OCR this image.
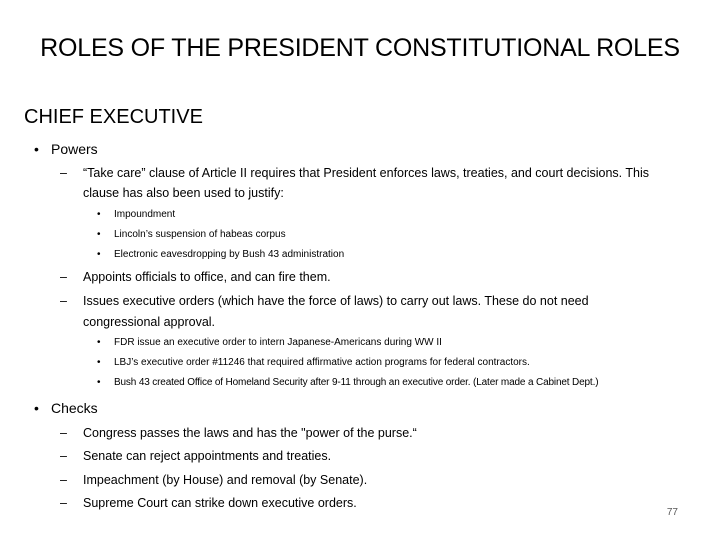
ROLES OF THE PRESIDENT CONSTITUTIONAL ROLES
CHIEF EXECUTIVE
• Powers
– “Take care” clause of Article II requires that President enforces laws, treaties, and court decisions. This
clause has also been used to justify:
• Impoundment
• Lincoln’s suspension of habeas corpus
• Electronic eavesdropping by Bush 43 administration
– Appoints officials to office, and can fire them.
– Issues executive orders (which have the force of laws) to carry out laws. These do not need
congressional approval.
• FDR issue an executive order to intern Japanese-Americans during WW II
• LBJ’s executive order #11246 that required affirmative action programs for federal contractors.
• Bush 43 created Office of Homeland Security after 9-11 through an executive order. (Later made a Cabinet Dept.)
• Checks
– Congress passes the laws and has the "power of the purse.“
– Senate can reject appointments and treaties.
– Impeachment (by House) and removal (by Senate).
– Supreme Court can strike down executive orders.
77
